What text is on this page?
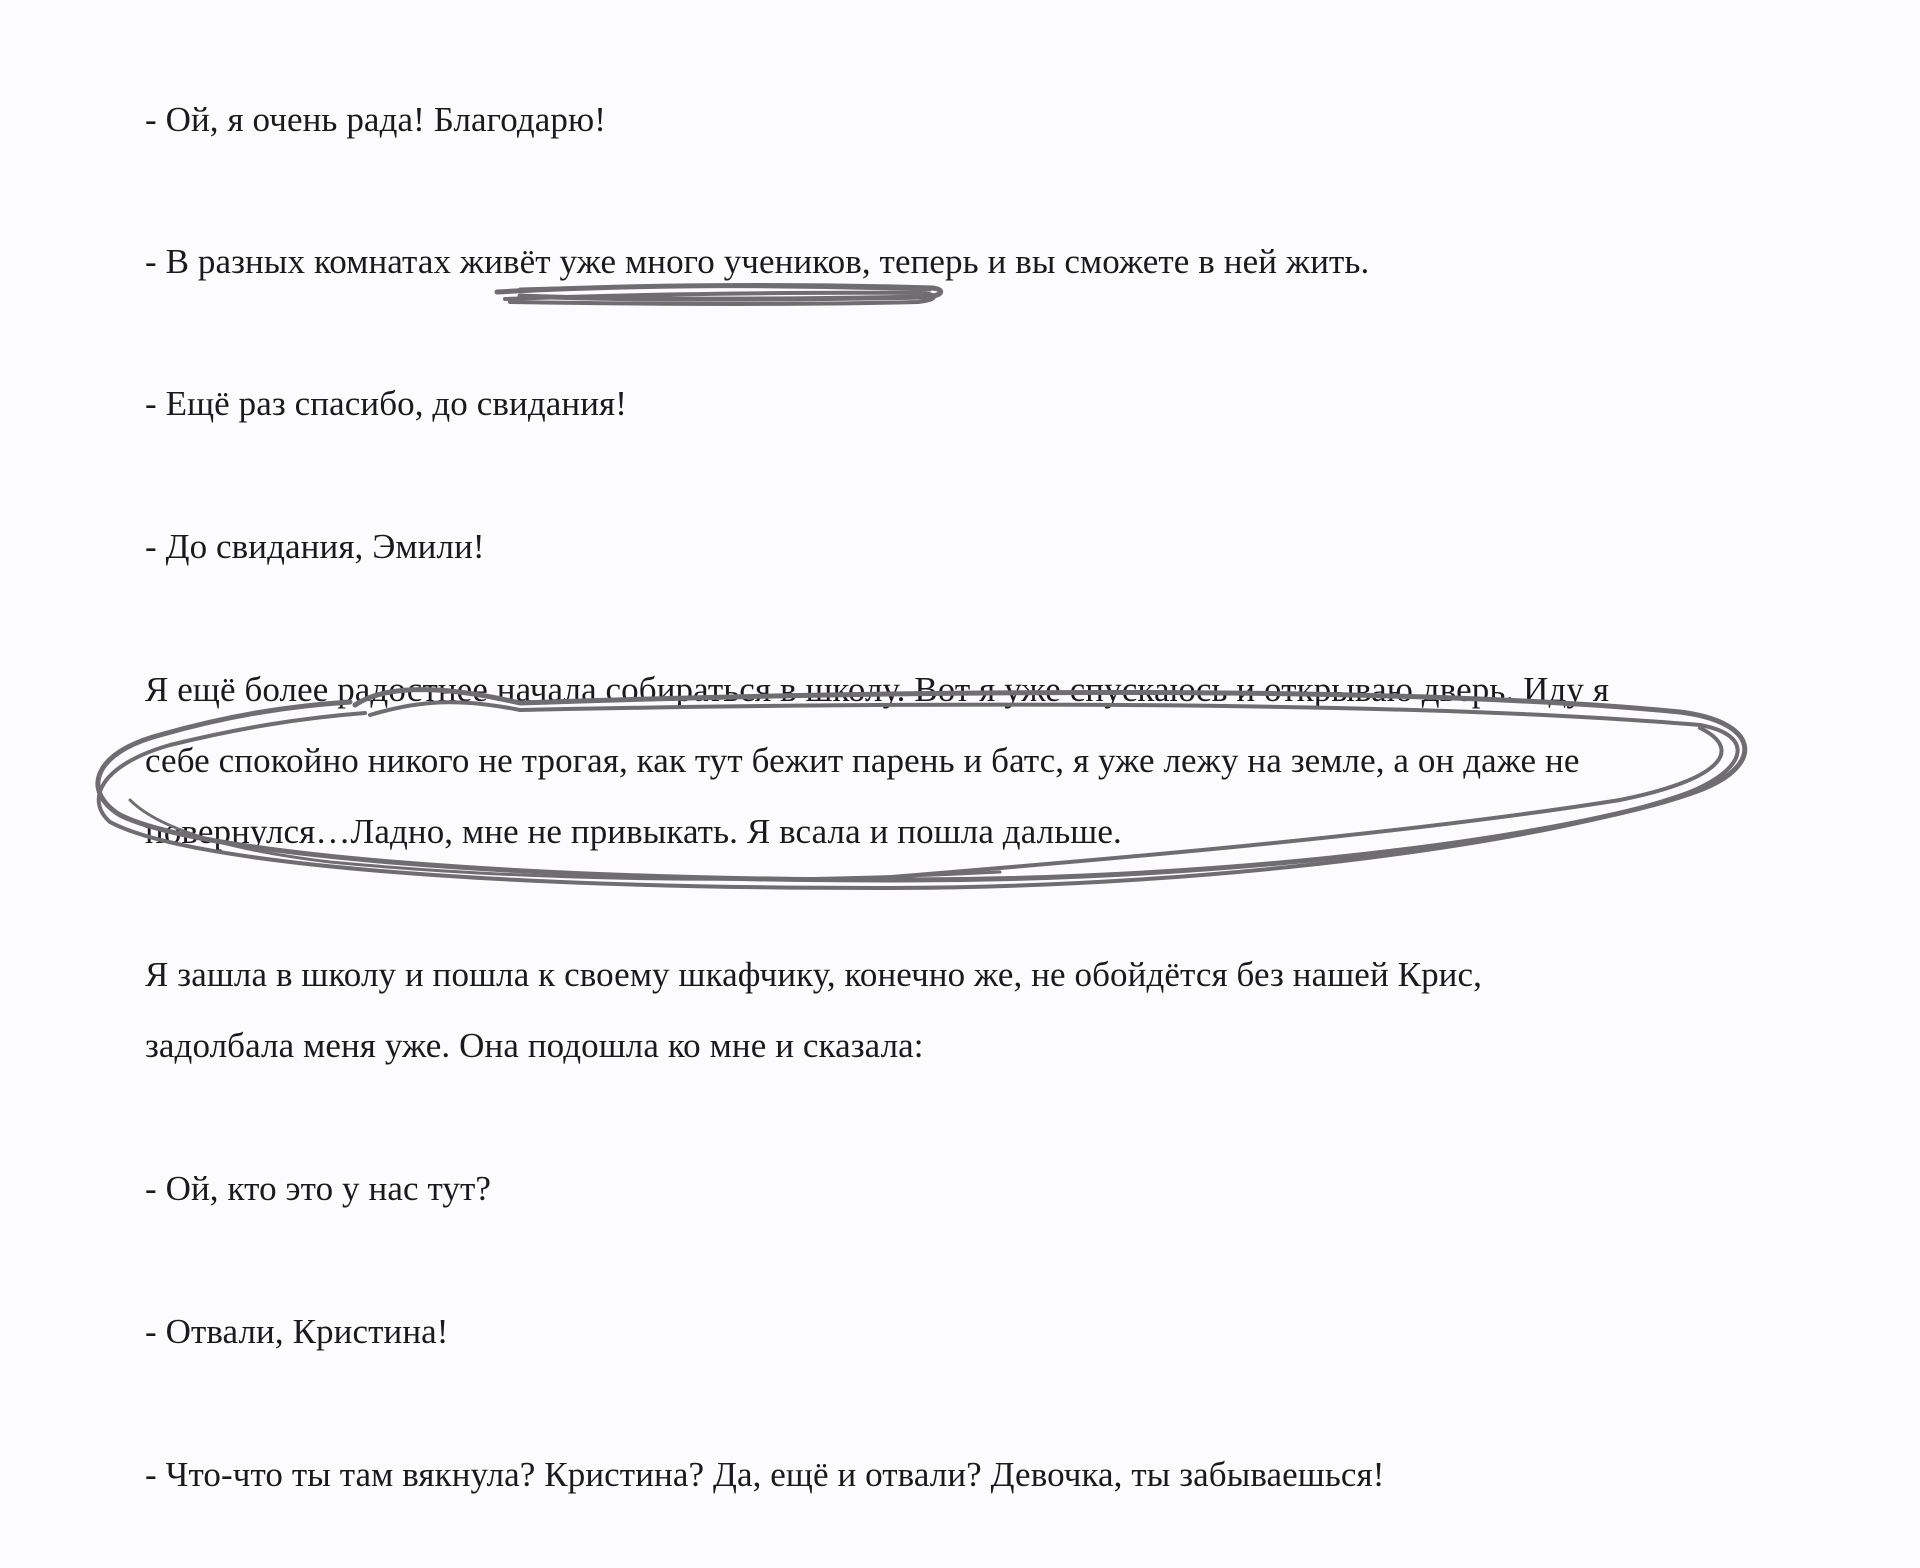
- Ой, я очень рада! Благодарю!
- В разных комнатах живёт уже много учеников, теперь и вы сможете в ней жить.
- Ещё раз спасибо, до свидания!
- До свидания, Эмили!
Я ещё более радостнее начала собираться в школу. Вот я уже спускаюсь и открываю дверь. Иду я
себе спокойно никого не трогая, как тут бежит парень и батс, я уже лежу на земле, а он даже не
повернулся…Ладно, мне не привыкать. Я всала и пошла дальше.
Я зашла в школу и пошла к своему шкафчику, конечно же, не обойдётся без нашей Крис,
задолбала меня уже. Она подошла ко мне и сказала:
- Ой, кто это у нас тут?
- Отвали, Кристина!
- Что-что ты там вякнула? Кристина? Да, ещё и отвали? Девочка, ты забываешься!
